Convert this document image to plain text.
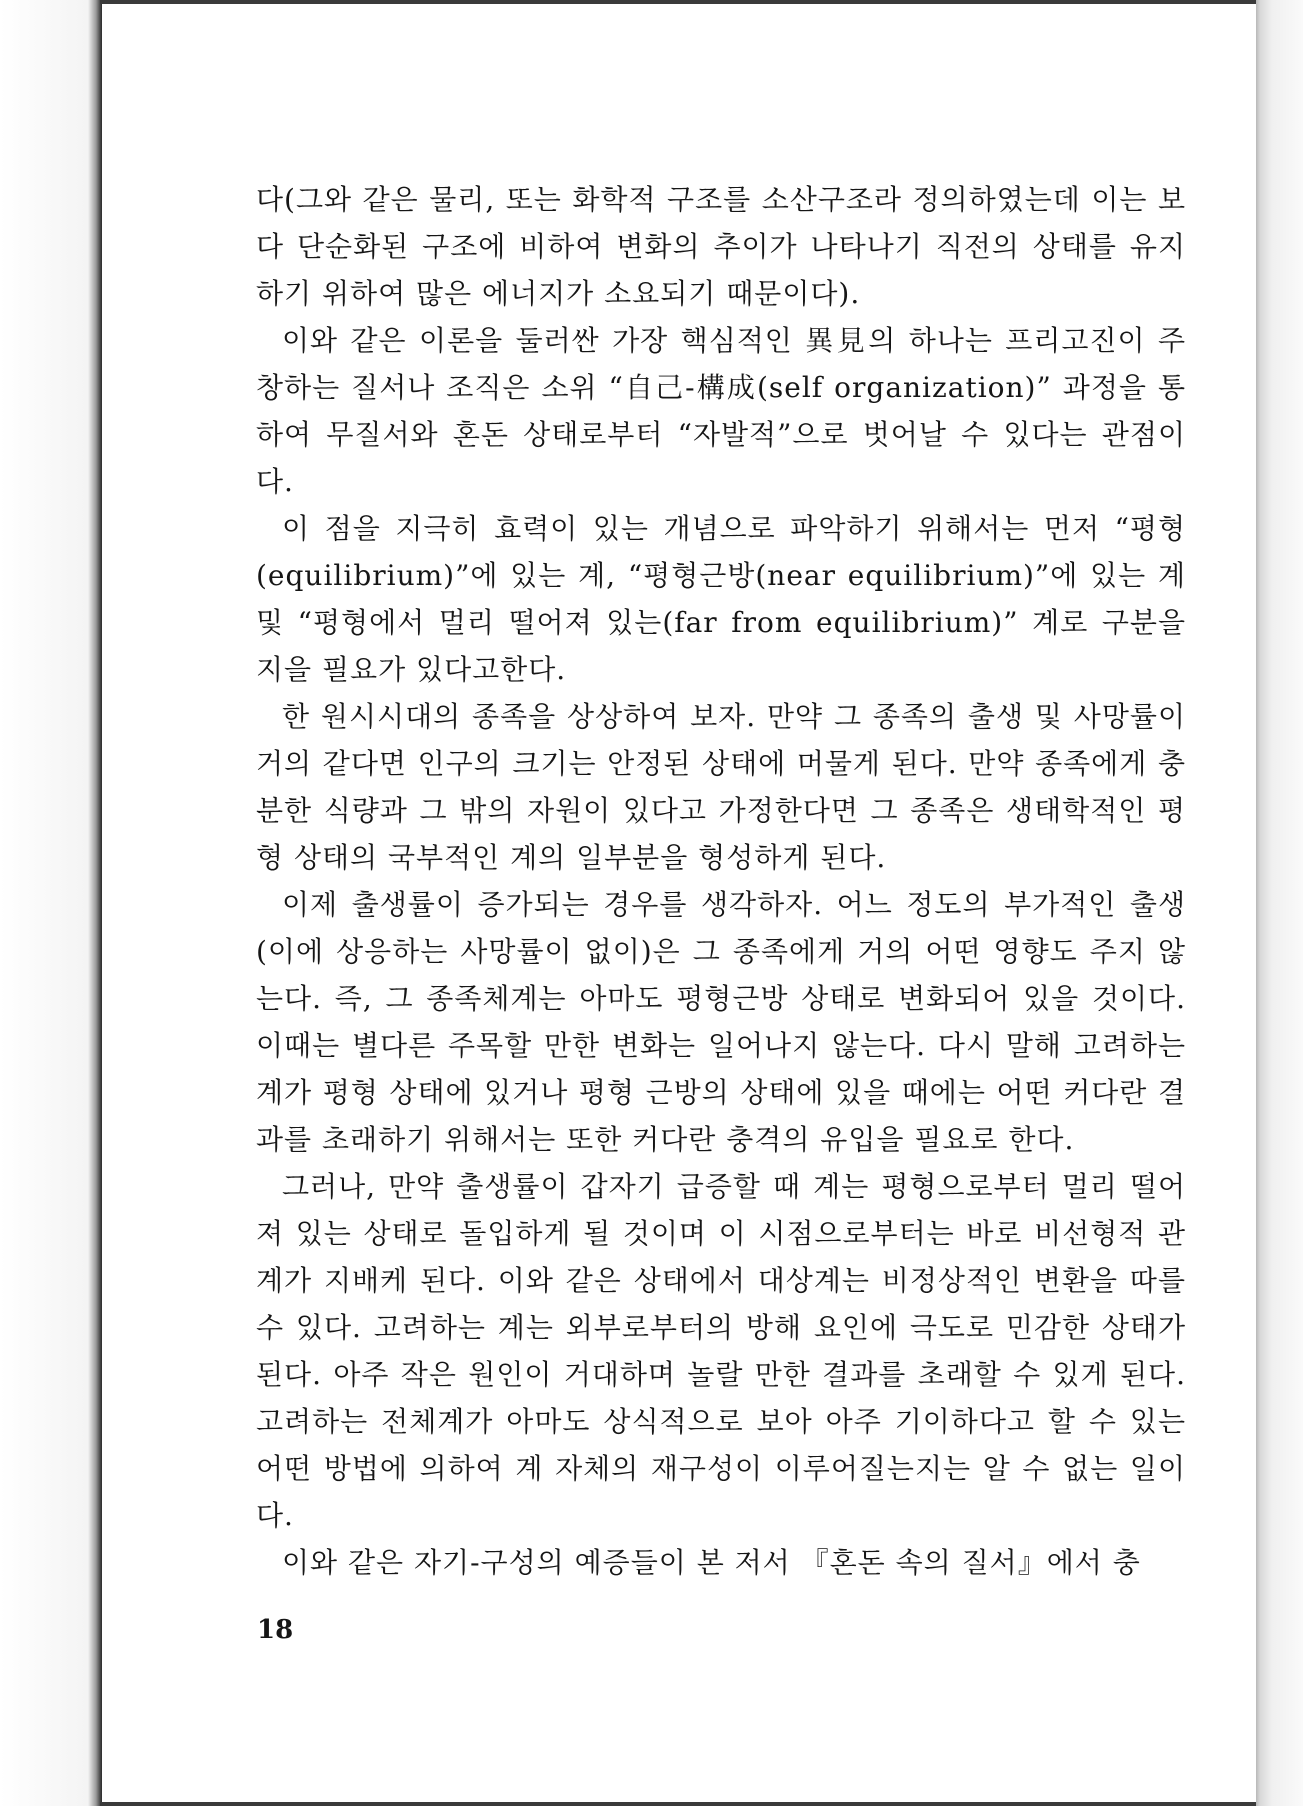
다(그와 같은 물리, 또는 화학적 구조를 소산구조라 정의하였는데 이는 보다 단순화된 구조에 비하여 변화의 추이가 나타나기 직전의 상태를 유지하기 위하여 많은 에너지가 소요되기 때문이다).

이와 같은 이론을 둘러싼 가장 핵심적인 異見의 하나는 프리고진이 주창하는 질서나 조직은 소위 “自己-構成(self organization)” 과정을 통하여 무질서와 혼돈 상태로부터 “자발적”으로 벗어날 수 있다는 관점이다.

이 점을 지극히 효력이 있는 개념으로 파악하기 위해서는 먼저 “평형(equilibrium)”에 있는 계, “평형근방(near equilibrium)”에 있는 계 및 “평형에서 멀리 떨어져 있는(far from equilibrium)” 계로 구분을 지을 필요가 있다고한다.

한 원시시대의 종족을 상상하여 보자. 만약 그 종족의 출생 및 사망률이 거의 같다면 인구의 크기는 안정된 상태에 머물게 된다. 만약 종족에게 충분한 식량과 그 밖의 자원이 있다고 가정한다면 그 종족은 생태학적인 평형 상태의 국부적인 계의 일부분을 형성하게 된다.

이제 출생률이 증가되는 경우를 생각하자. 어느 정도의 부가적인 출생(이에 상응하는 사망률이 없이)은 그 종족에게 거의 어떤 영향도 주지 않는다. 즉, 그 종족체계는 아마도 평형근방 상태로 변화되어 있을 것이다. 이때는 별다른 주목할 만한 변화는 일어나지 않는다. 다시 말해 고려하는 계가 평형 상태에 있거나 평형 근방의 상태에 있을 때에는 어떤 커다란 결과를 초래하기 위해서는 또한 커다란 충격의 유입을 필요로 한다.

그러나, 만약 출생률이 갑자기 급증할 때 계는 평형으로부터 멀리 떨어져 있는 상태로 돌입하게 될 것이며 이 시점으로부터는 바로 비선형적 관계가 지배케 된다. 이와 같은 상태에서 대상계는 비정상적인 변환을 따를 수 있다. 고려하는 계는 외부로부터의 방해 요인에 극도로 민감한 상태가 된다. 아주 작은 원인이 거대하며 놀랄 만한 결과를 초래할 수 있게 된다. 고려하는 전체계가 아마도 상식적으로 보아 아주 기이하다고 할 수 있는 어떤 방법에 의하여 계 자체의 재구성이 이루어질는지는 알 수 없는 일이다.

이와 같은 자기-구성의 예증들이 본 저서 『혼돈 속의 질서』에서 충

18
